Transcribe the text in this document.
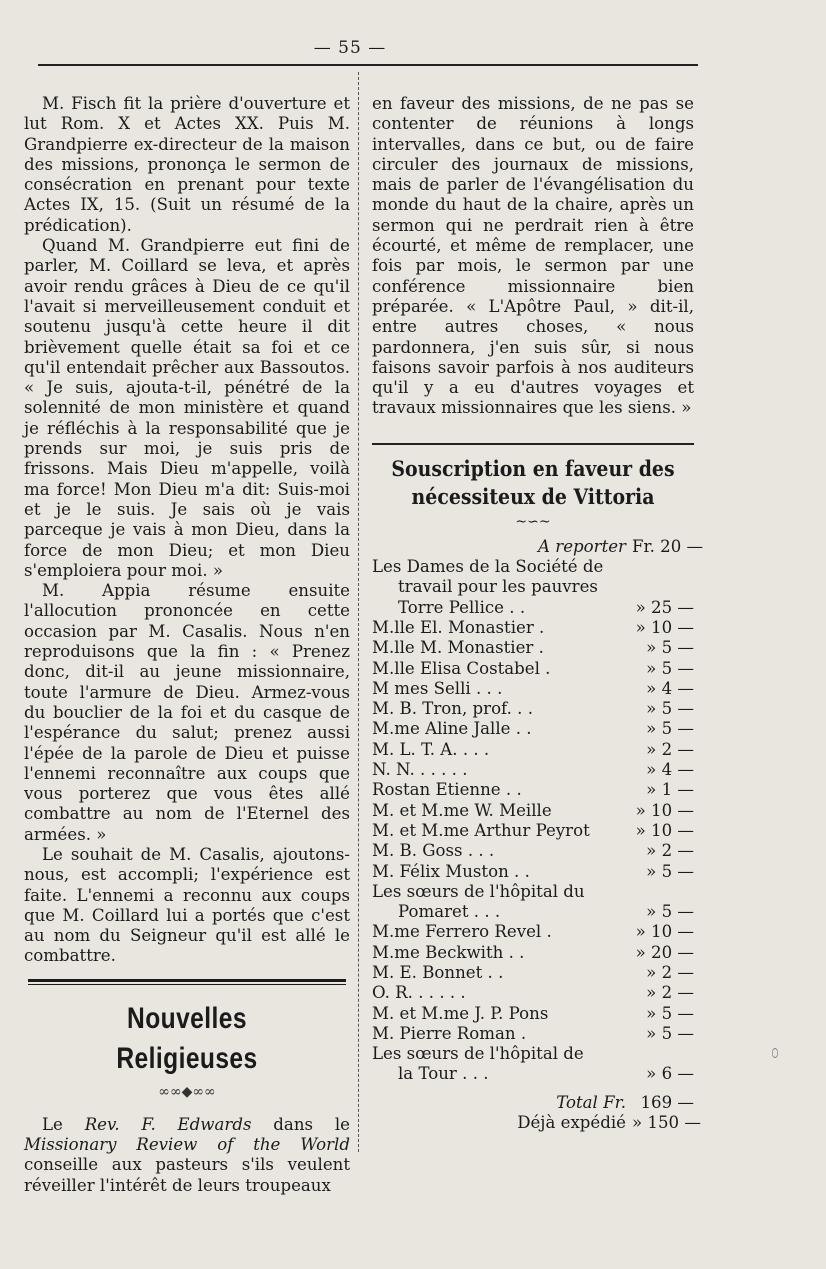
— 55 —

M. Fisch fit la prière d'ouverture et lut Rom. X et Actes XX. Puis M. Grandpierre ex-directeur de la maison des missions, prononça le sermon de consécration en prenant pour texte Actes IX, 15. (Suit un résumé de la prédication).

Quand M. Grandpierre eut fini de parler, M. Coillard se leva, et après avoir rendu grâces à Dieu de ce qu'il l'avait si merveilleusement conduit et soutenu jusqu'à cette heure il dit brièvement quelle était sa foi et ce qu'il entendait prêcher aux Bassoutos. « Je suis, ajouta-t-il, pénétré de la solennité de mon ministère et quand je réfléchis à la responsabilité que je prends sur moi, je suis pris de frissons. Mais Dieu m'appelle, voilà ma force! Mon Dieu m'a dit: Suis-moi et je le suis. Je sais où je vais parceque je vais à mon Dieu, dans la force de mon Dieu; et mon Dieu s'emploiera pour moi. »

M. Appia résume ensuite l'allocution prononcée en cette occasion par M. Casalis. Nous n'en reproduisons que la fin : « Prenez donc, dit-il au jeune missionnaire, toute l'armure de Dieu. Armez-vous du bouclier de la foi et du casque de l'espérance du salut; prenez aussi l'épée de la parole de Dieu et puisse l'ennemi reconnaître aux coups que vous porterez que vous êtes allé combattre au nom de l'Eternel des armées. »

Le souhait de M. Casalis, ajoutons-nous, est accompli; l'expérience est faite. L'ennemi a reconnu aux coups que M. Coillard lui a portés que c'est au nom du Seigneur qu'il est allé le combattre.

Nouvelles Religieuses
∞∞◆∞∞

Le Rev. F. Edwards dans le Missionary Review of the World conseille aux pasteurs s'ils veulent réveiller l'intérêt de leurs troupeaux

en faveur des missions, de ne pas se contenter de réunions à longs intervalles, dans ce but, ou de faire circuler des journaux de missions, mais de parler de l'évangélisation du monde du haut de la chaire, après un sermon qui ne perdrait rien à être écourté, et même de remplacer, une fois par mois, le sermon par une conférence missionnaire bien préparée. « L'Apôtre Paul, » dit-il, entre autres choses, « nous pardonnera, j'en suis sûr, si nous faisons savoir parfois à nos auditeurs qu'il y a eu d'autres voyages et travaux missionnaires que les siens. »

Souscription en faveur des nécessiteux de Vittoria
~∽~
A reporter Fr. 20 —
Les Dames de la Société de
travail pour les pauvres
Torre Pellice . .	» 25 —
M.lle El. Monastier .	» 10 —
M.lle M. Monastier .	» 5 —
M.lle Elisa Costabel .	» 5 —
M mes Selli . . .	» 4 —
M. B. Tron, prof. . .	» 5 —
M.me Aline Jalle . .	» 5 —
M. L. T. A. . . .	» 2 —
N. N. . . . . .	» 4 —
Rostan Etienne . .	» 1 —
M. et M.me W. Meille	» 10 —
M. et M.me Arthur Peyrot	» 10 —
M. B. Goss . . .	» 2 —
M. Félix Muston . .	» 5 —
Les sœurs de l'hôpital du
Pomaret . . .	» 5 —
M.me Ferrero Revel .	» 10 —
M.me Beckwith . .	» 20 —
M. E. Bonnet . .	» 2 —
O. R. . . . . .	» 2 —
M. et M.me J. P. Pons	» 5 —
M. Pierre Roman .	» 5 —
Les sœurs de l'hôpital de
la Tour . . .	» 6 —
Total Fr. 169 —
Déjà expédié » 150 —
